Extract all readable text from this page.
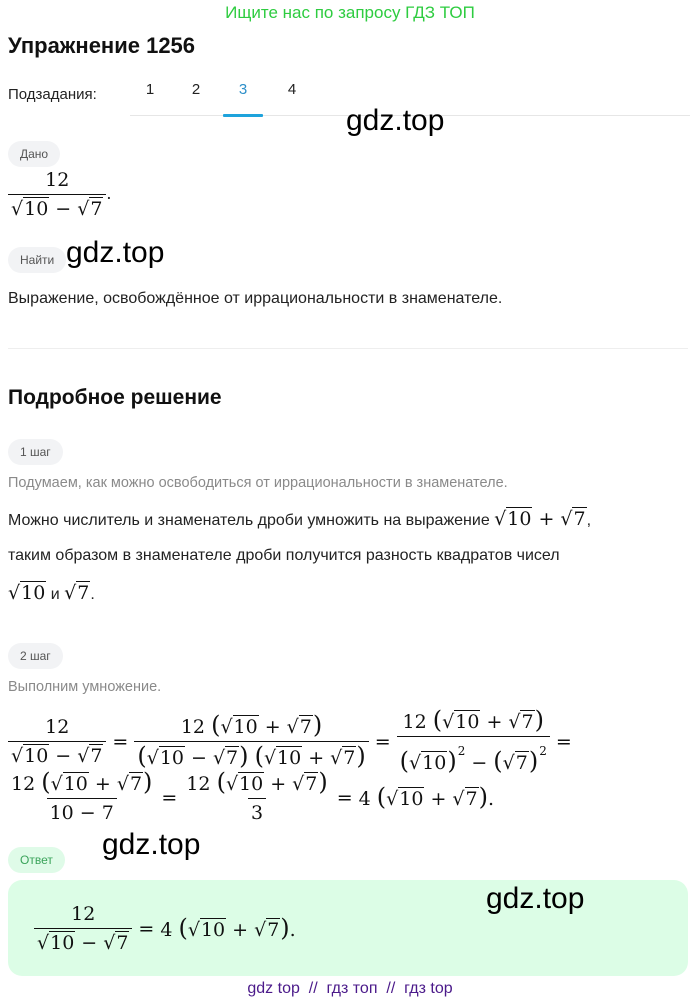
Ищите нас по запросу ГДЗ ТОП
Упражнение 1256
Подзадания:	1	2	3	4
gdz.top
Дано
$\frac{12}{√10 - √7}$ .
Найти gdz.top
Выражение, освобождённое от иррациональности в знаменателе.
Подробное решение
1 шаг
Подумаем, как можно освободиться от иррациональности в знаменателе.
Можно числитель и знаменатель дроби умножить на выражение √10 + √7,
таким образом в знаменателе дроби получится разность квадратов чисел
√10 и √7.
2 шаг
Выполним умножение.
$\frac{12}{√10 - √7} = \frac{12 (√10 + √7)}{(√10 - √7) (√10 + √7)} = \frac{12 (√10 + √7)}{(√10)^2- (√7)^2}$ =
$\frac{12 (√10 + √7)}{10 - 7} = \frac{12 (√10 + √7)}{3} = 4$ (√10 + √7).
Ответ	gdz.top
$\frac{12}{√10 - √7} = 4$ (√10 + √7).
gdz.top
gdz top  //  гдз топ  //  гдз top
